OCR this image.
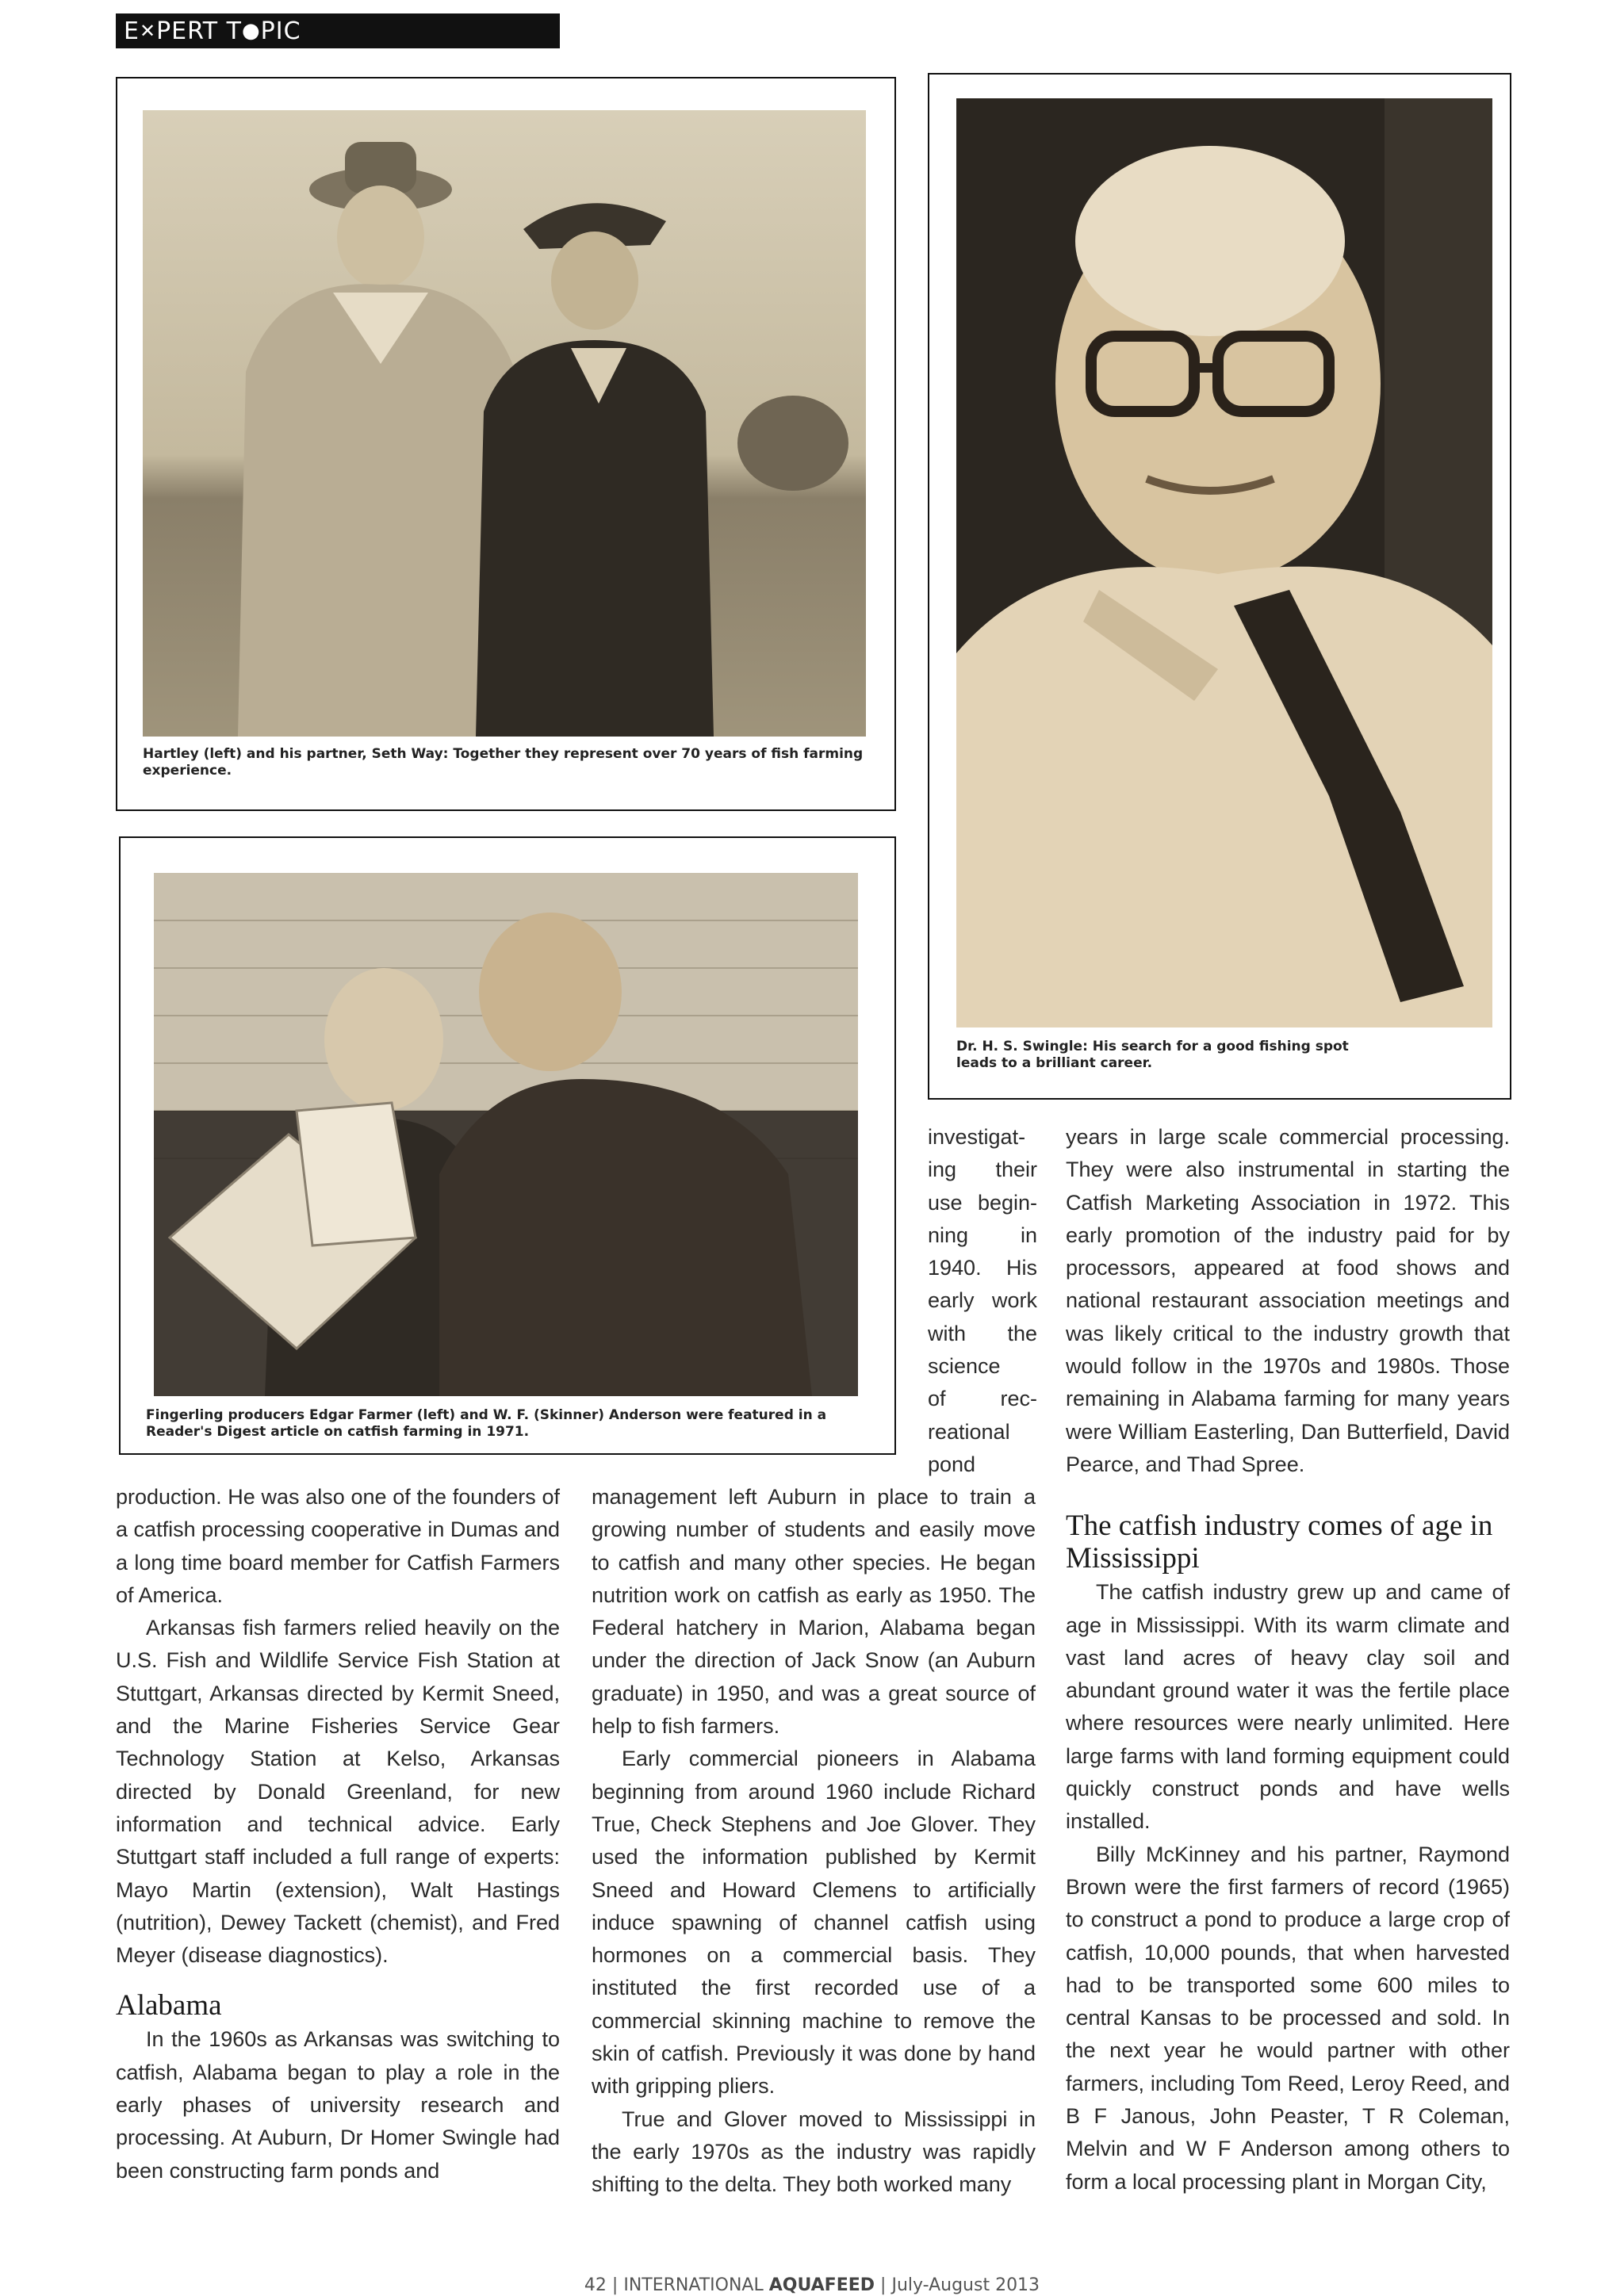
E ✕ PERT T ● PIC
Hartley (left) and his partner, Seth Way: Together they represent over 70 years of fish farming experience.
Dr. H. S. Swingle: His search for a good fishing spot leads to a brilliant career.
Fingerling producers Edgar Farmer (left) and W. F. (Skinner) Anderson were featured in a Reader's Digest article on catfish farming in 1971.
investigat-
ing their
use begin-
ning in
1940. His
early work
with the
science
of	rec-
reational
pond

production. He was also one of the founders of a catfish processing cooperative in Dumas and a long time board member for Catfish Farmers of America.

Arkansas fish farmers relied heavily on the U.S. Fish and Wildlife Service Fish Station at Stuttgart, Arkansas directed by Kermit Sneed, and the Marine Fisheries Service Gear Technology Station at Kelso, Arkansas directed by Donald Greenland, for new information and technical advice. Early Stuttgart staff included a full range of experts: Mayo Martin (extension), Walt Hastings (nutrition), Dewey Tackett (chemist), and Fred Meyer (disease diagnostics).

Alabama

In the 1960s as Arkansas was switching to catfish, Alabama began to play a role in the early phases of university research and processing. At Auburn, Dr Homer Swingle had been constructing farm ponds and

management left Auburn in place to train a growing number of students and easily move to catfish and many other species. He began nutrition work on catfish as early as 1950. The Federal hatchery in Marion, Alabama began under the direction of Jack Snow (an Auburn graduate) in 1950, and was a great source of help to fish farmers.

Early commercial pioneers in Alabama beginning from around 1960 include Richard True, Check Stephens and Joe Glover. They used the information published by Kermit Sneed and Howard Clemens to artificially induce spawning of channel catfish using hormones on a commercial basis. They instituted the first recorded use of a commercial skinning machine to remove the skin of catfish. Previously it was done by hand with gripping pliers.

True and Glover moved to Mississippi in the early 1970s as the industry was rapidly shifting to the delta. They both worked many

years in large scale commercial processing. They were also instrumental in starting the Catfish Marketing Association in 1972. This early promotion of the industry paid for by processors, appeared at food shows and national restaurant association meetings and was likely critical to the industry growth that would follow in the 1970s and 1980s. Those remaining in Alabama farming for many years were William Easterling, Dan Butterfield, David Pearce, and Thad Spree.

The catfish industry comes of age in Mississippi

The catfish industry grew up and came of age in Mississippi. With its warm climate and vast land acres of heavy clay soil and abundant ground water it was the fertile place where resources were nearly unlimited. Here large farms with land forming equipment could quickly construct ponds and have wells installed.

Billy McKinney and his partner, Raymond Brown were the first farmers of record (1965) to construct a pond to produce a large crop of catfish, 10,000 pounds, that when harvested had to be transported some 600 miles to central Kansas to be processed and sold. In the next year he would partner with other farmers, including Tom Reed, Leroy Reed, and B F Janous, John Peaster, T R Coleman, Melvin and W F Anderson among others to form a local processing plant in Morgan City,

42 | INTERNATIONAL AQUAFEED | July-August 2013
